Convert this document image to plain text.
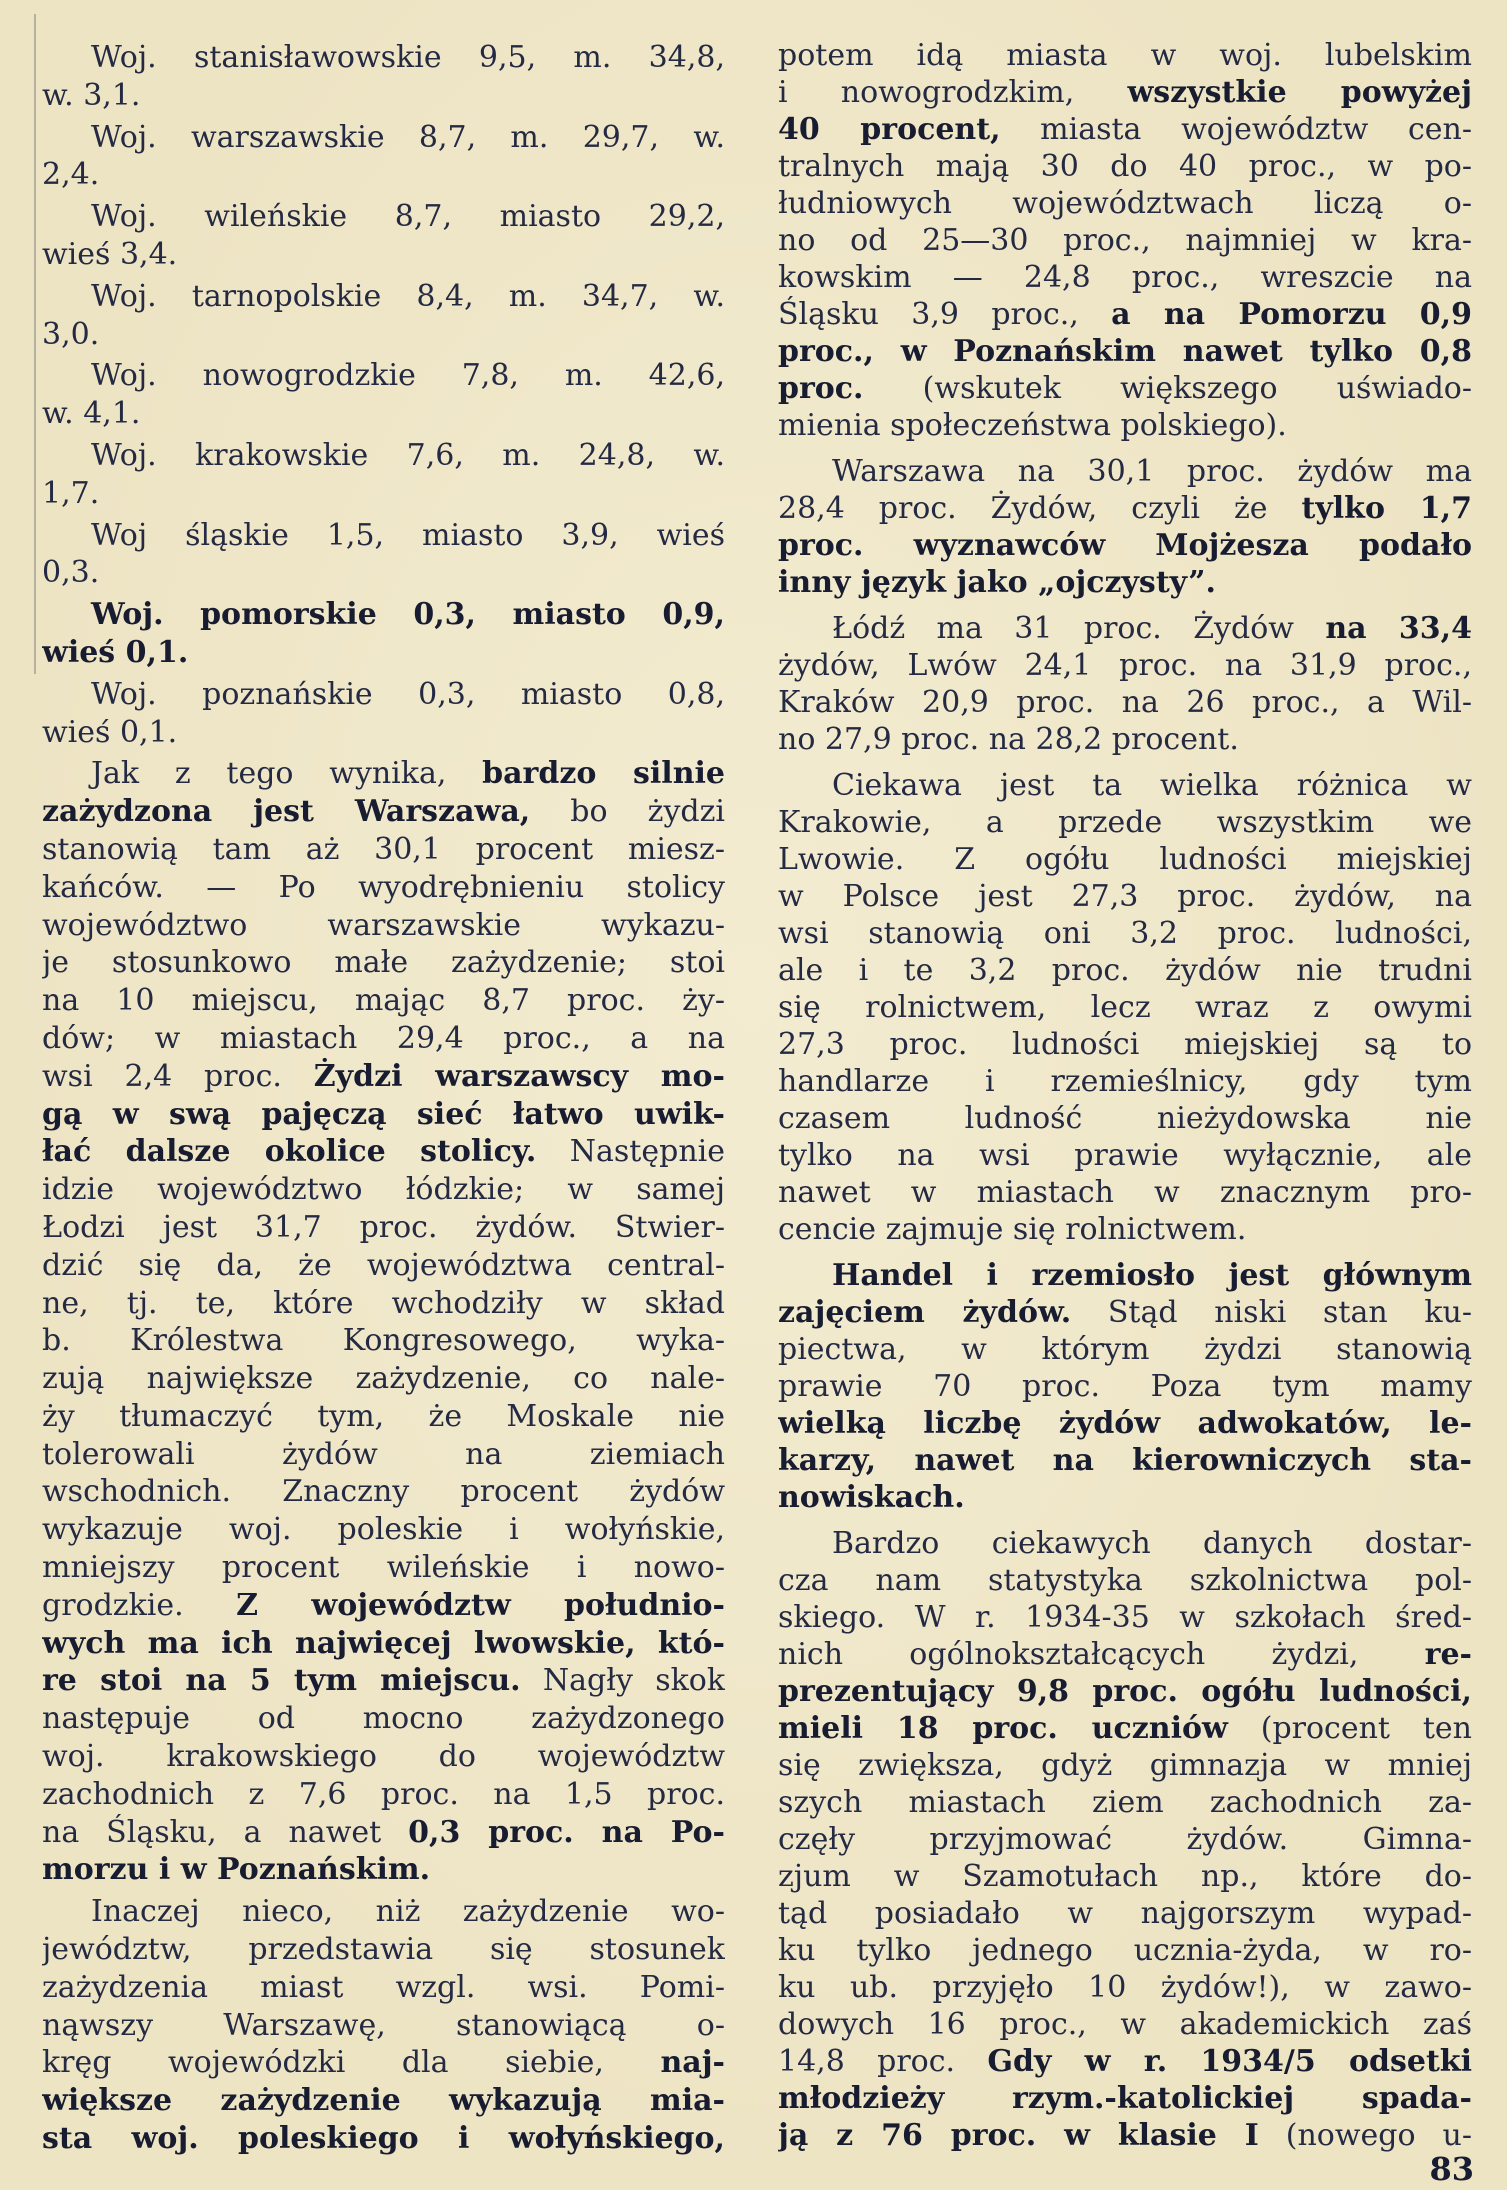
Woj. stanisławowskie 9,5, m. 34,8,
w. 3,1.
Woj. warszawskie 8,7, m. 29,7, w.
2,4.
Woj. wileńskie 8,7, miasto 29,2,
wieś 3,4.
Woj. tarnopolskie 8,4, m. 34,7, w.
3,0.
Woj. nowogrodzkie 7,8, m. 42,6,
w. 4,1.
Woj. krakowskie 7,6, m. 24,8, w.
1,7.
Woj śląskie 1,5, miasto 3,9, wieś
0,3.
Woj. pomorskie 0,3, miasto 0,9,
wieś 0,1.
Woj. poznańskie 0,3, miasto 0,8,
wieś 0,1.
Jak z tego wynika, bardzo silnie
zażydzona jest Warszawa, bo żydzi
stanowią tam aż 30,1 procent miesz-
kańców. — Po wyodrębnieniu stolicy
województwo warszawskie wykazu-
je stosunkowo małe zażydzenie; stoi
na 10 miejscu, mając 8,7 proc. ży-
dów; w miastach 29,4 proc., a na
wsi 2,4 proc. Żydzi warszawscy mo-
gą w swą pajęczą sieć łatwo uwik-
łać dalsze okolice stolicy. Następnie
idzie województwo łódzkie; w samej
Łodzi jest 31,7 proc. żydów. Stwier-
dzić się da, że województwa central-
ne, tj. te, które wchodziły w skład
b. Królestwa Kongresowego, wyka-
zują największe zażydzenie, co nale-
ży tłumaczyć tym, że Moskale nie
tolerowali żydów na ziemiach
wschodnich. Znaczny procent żydów
wykazuje woj. poleskie i wołyńskie,
mniejszy procent wileńskie i nowo-
grodzkie. Z województw południo-
wych ma ich najwięcej lwowskie, któ-
re stoi na 5 tym miejscu. Nagły skok
następuje od mocno zażydzonego
woj. krakowskiego do województw
zachodnich z 7,6 proc. na 1,5 proc.
na Śląsku, a nawet 0,3 proc. na Po-
morzu i w Poznańskim.
Inaczej nieco, niż zażydzenie wo-
jewództw, przedstawia się stosunek
zażydzenia miast wzgl. wsi. Pomi-
nąwszy Warszawę, stanowiącą o-
kręg wojewódzki dla siebie, naj-
większe zażydzenie wykazują mia-
sta woj. poleskiego i wołyńskiego,
potem idą miasta w woj. lubelskim
i nowogrodzkim, wszystkie powyżej
40 procent, miasta województw cen-
tralnych mają 30 do 40 proc., w po-
łudniowych województwach liczą o-
no od 25—30 proc., najmniej w kra-
kowskim — 24,8 proc., wreszcie na
Śląsku 3,9 proc., a na Pomorzu 0,9
proc., w Poznańskim nawet tylko 0,8
proc. (wskutek większego uświado-
mienia społeczeństwa polskiego).
Warszawa na 30,1 proc. żydów ma
28,4 proc. Żydów, czyli że tylko 1,7
proc. wyznawców Mojżesza podało
inny język jako „ojczysty”.
Łódź ma 31 proc. Żydów na 33,4
żydów, Lwów 24,1 proc. na 31,9 proc.,
Kraków 20,9 proc. na 26 proc., a Wil-
no 27,9 proc. na 28,2 procent.
Ciekawa jest ta wielka różnica w
Krakowie, a przede wszystkim we
Lwowie. Z ogółu ludności miejskiej
w Polsce jest 27,3 proc. żydów, na
wsi stanowią oni 3,2 proc. ludności,
ale i te 3,2 proc. żydów nie trudni
się rolnictwem, lecz wraz z owymi
27,3 proc. ludności miejskiej są to
handlarze i rzemieślnicy, gdy tym
czasem ludność nieżydowska nie
tylko na wsi prawie wyłącznie, ale
nawet w miastach w znacznym pro-
cencie zajmuje się rolnictwem.
Handel i rzemiosło jest głównym
zajęciem żydów. Stąd niski stan ku-
piectwa, w którym żydzi stanowią
prawie 70 proc. Poza tym mamy
wielką liczbę żydów adwokatów, le-
karzy, nawet na kierowniczych sta-
nowiskach.
Bardzo ciekawych danych dostar-
cza nam statystyka szkolnictwa pol-
skiego. W r. 1934-35 w szkołach śred-
nich ogólnokształcących żydzi, re-
prezentujący 9,8 proc. ogółu ludności,
mieli 18 proc. uczniów (procent ten
się zwiększa, gdyż gimnazja w mniej
szych miastach ziem zachodnich za-
częły przyjmować żydów. Gimna-
zjum w Szamotułach np., które do-
tąd posiadało w najgorszym wypad-
ku tylko jednego ucznia-żyda, w ro-
ku ub. przyjęło 10 żydów!), w zawo-
dowych 16 proc., w akademickich zaś
14,8 proc. Gdy w r. 1934/5 odsetki
młodzieży rzym.-katolickiej spada-
ją z 76 proc. w klasie I (nowego u-
83
